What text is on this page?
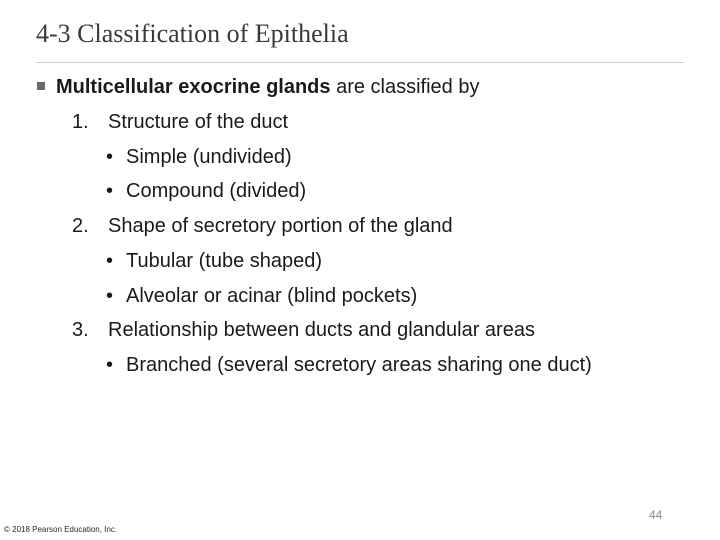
4-3 Classification of Epithelia
Multicellular exocrine glands are classified by
1. Structure of the duct
• Simple (undivided)
• Compound (divided)
2. Shape of secretory portion of the gland
• Tubular (tube shaped)
• Alveolar or acinar (blind pockets)
3. Relationship between ducts and glandular areas
• Branched (several secretory areas sharing one duct)
44
© 2018 Pearson Education, Inc.
